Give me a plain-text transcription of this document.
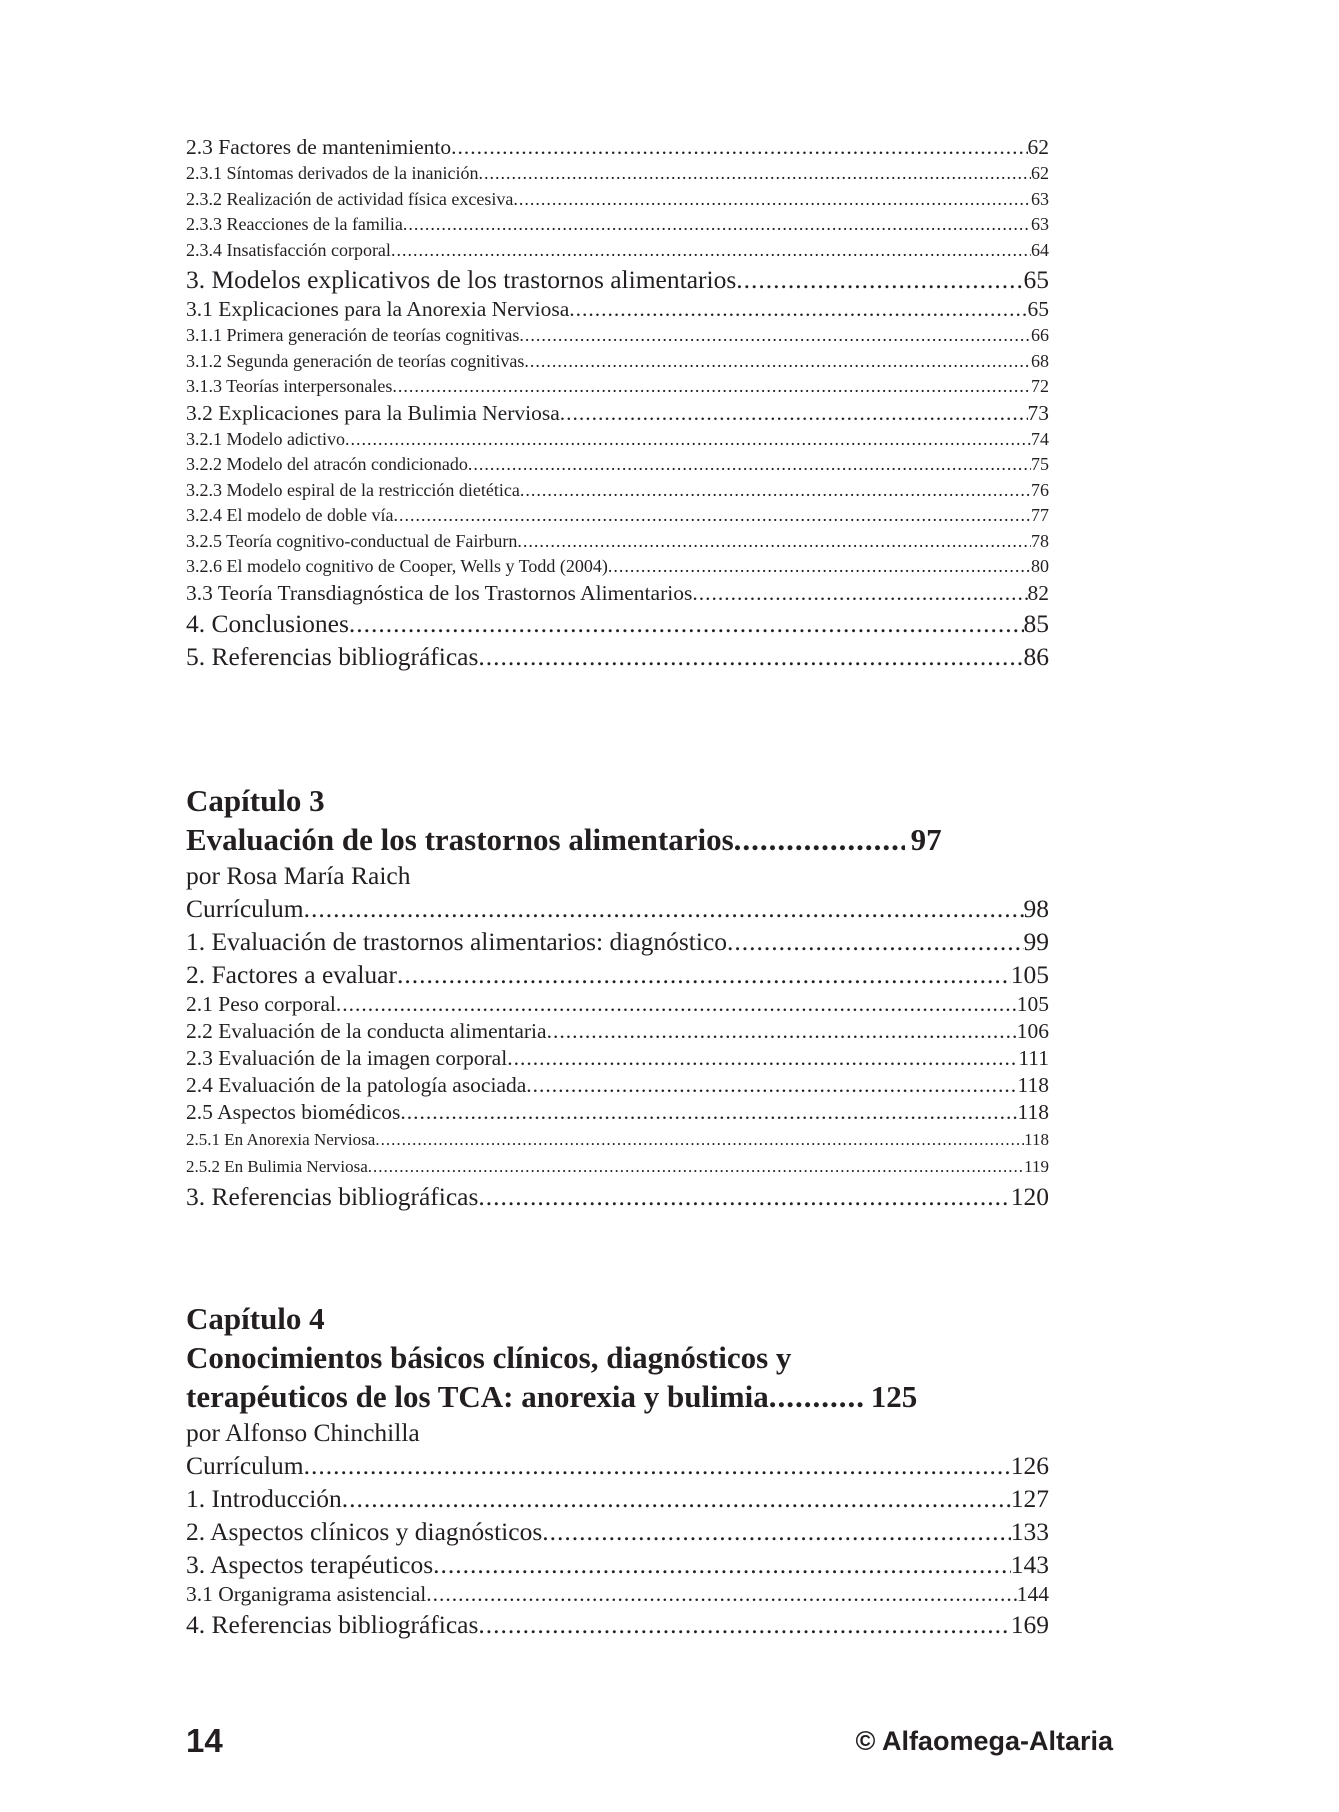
2.3 Factores de mantenimiento .....	62
2.3.1 Síntomas derivados de la inanición .....	62
2.3.2 Realización de actividad física excesiva .....	63
2.3.3 Reacciones de la familia .....	63
2.3.4 Insatisfacción corporal .....	64
3. Modelos explicativos de los trastornos alimentarios .....	65
3.1 Explicaciones para la Anorexia Nerviosa .....	65
3.1.1 Primera generación de teorías cognitivas .....	66
3.1.2 Segunda generación de teorías cognitivas .....	68
3.1.3 Teorías interpersonales .....	72
3.2 Explicaciones para la Bulimia Nerviosa .....	73
3.2.1 Modelo adictivo .....	74
3.2.2 Modelo del atracón condicionado .....	75
3.2.3 Modelo espiral de la restricción dietética .....	76
3.2.4 El modelo de doble vía .....	77
3.2.5 Teoría cognitivo-conductual de Fairburn .....	78
3.2.6 El modelo cognitivo de Cooper, Wells y Todd (2004) .....	80
3.3 Teoría Transdiagnóstica de los Trastornos Alimentarios .....	82
4. Conclusiones .....	85
5. Referencias bibliográficas .....	86
Capítulo 3
Evaluación de los trastornos alimentarios .....	97
por Rosa María Raich
Currículum .....	98
1. Evaluación de trastornos alimentarios: diagnóstico .....	99
2. Factores a evaluar .....	105
2.1 Peso corporal .....	105
2.2 Evaluación de la conducta alimentaria .....	106
2.3 Evaluación de la imagen corporal .....	111
2.4 Evaluación de la patología asociada .....	118
2.5 Aspectos biomédicos .....	118
2.5.1 En Anorexia Nerviosa .....	118
2.5.2 En Bulimia Nerviosa .....	119
3. Referencias bibliográficas .....	120
Capítulo 4
Conocimientos básicos clínicos, diagnósticos y
terapéuticos de los TCA: anorexia y bulimia .....	125
por Alfonso Chinchilla
Currículum .....	126
1. Introducción .....	127
2. Aspectos clínicos y diagnósticos .....	133
3. Aspectos terapéuticos .....	143
3.1 Organigrama asistencial .....	144
4. Referencias bibliográficas .....	169
14	© Alfaomega-Altaria
